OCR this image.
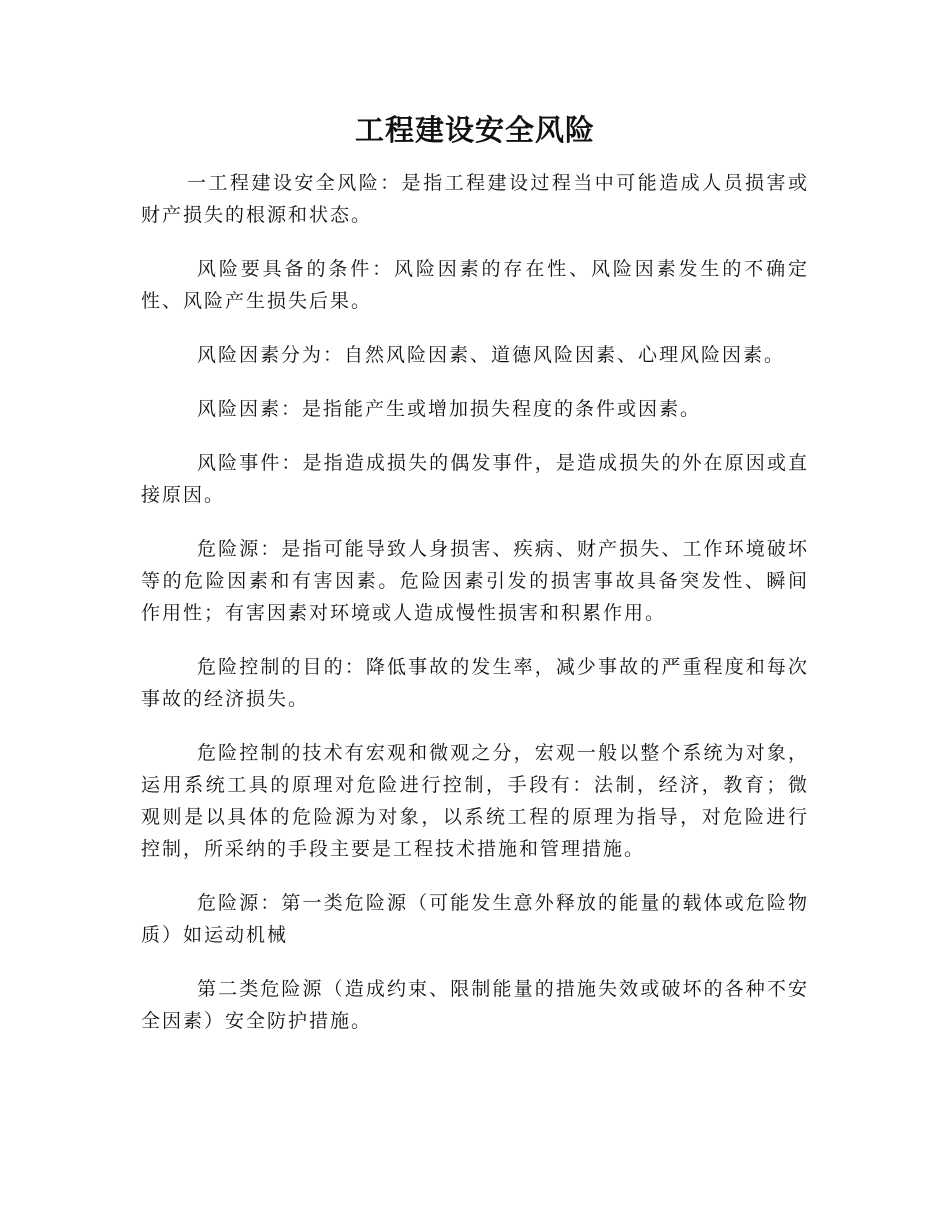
工程建设安全风险

一工程建设安全风险：是指工程建设过程当中可能造成人员损害或财产损失的根源和状态。

风险要具备的条件：风险因素的存在性、风险因素发生的不确定性、风险产生损失后果。

风险因素分为：自然风险因素、道德风险因素、心理风险因素。

风险因素：是指能产生或增加损失程度的条件或因素。

风险事件：是指造成损失的偶发事件，是造成损失的外在原因或直接原因。

危险源：是指可能导致人身损害、疾病、财产损失、工作环境破坏等的危险因素和有害因素。危险因素引发的损害事故具备突发性、瞬间作用性；有害因素对环境或人造成慢性损害和积累作用。

危险控制的目的：降低事故的发生率，减少事故的严重程度和每次事故的经济损失。

危险控制的技术有宏观和微观之分，宏观一般以整个系统为对象，运用系统工具的原理对危险进行控制，手段有：法制，经济，教育；微观则是以具体的危险源为对象，以系统工程的原理为指导，对危险进行控制，所采纳的手段主要是工程技术措施和管理措施。

危险源：第一类危险源（可能发生意外释放的能量的载体或危险物质）如运动机械

第二类危险源（造成约束、限制能量的措施失效或破坏的各种不安全因素）安全防护措施。
